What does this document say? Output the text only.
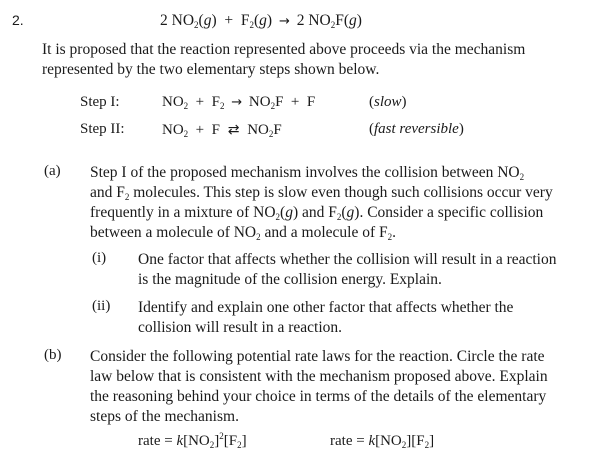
2.	2 $NO_2(g) + F_2(g) \to 2$ $NO_2F(g)$
It is proposed that the reaction represented above proceeds via the mechanism
represented by the two elementary steps shown below.
Step I:	$NO_2 + F_2 \to NO_2F + F$	(slow)
Step II: $NO_2 + F$ ⇄ $NO_2F$	(fast reversible)
(a) Step I of the proposed mechanism involves the collision between $NO_2$
and $F_2$ molecules. This step is slow even though such collisions occur very
frequently in a mixture of $NO_2(g)$ and $F_2(g)$. Consider a specific collision
between a molecule of $NO_2$ and a molecule of $F_2$.
(i) One factor that affects whether the collision will result in a reaction
is the magnitude of the collision energy. Explain.
(ii) Identify and explain one other factor that affects whether the
collision will result in a reaction.
(b) Consider the following potential rate laws for the reaction. Circle the rate
law below that is consistent with the mechanism proposed above. Explain
the reasoning behind your choice in terms of the details of the elementary
steps of the mechanism.
rate = $k[NO_2]^2[F_2]$	rate = $k[NO_2][F_2]$
